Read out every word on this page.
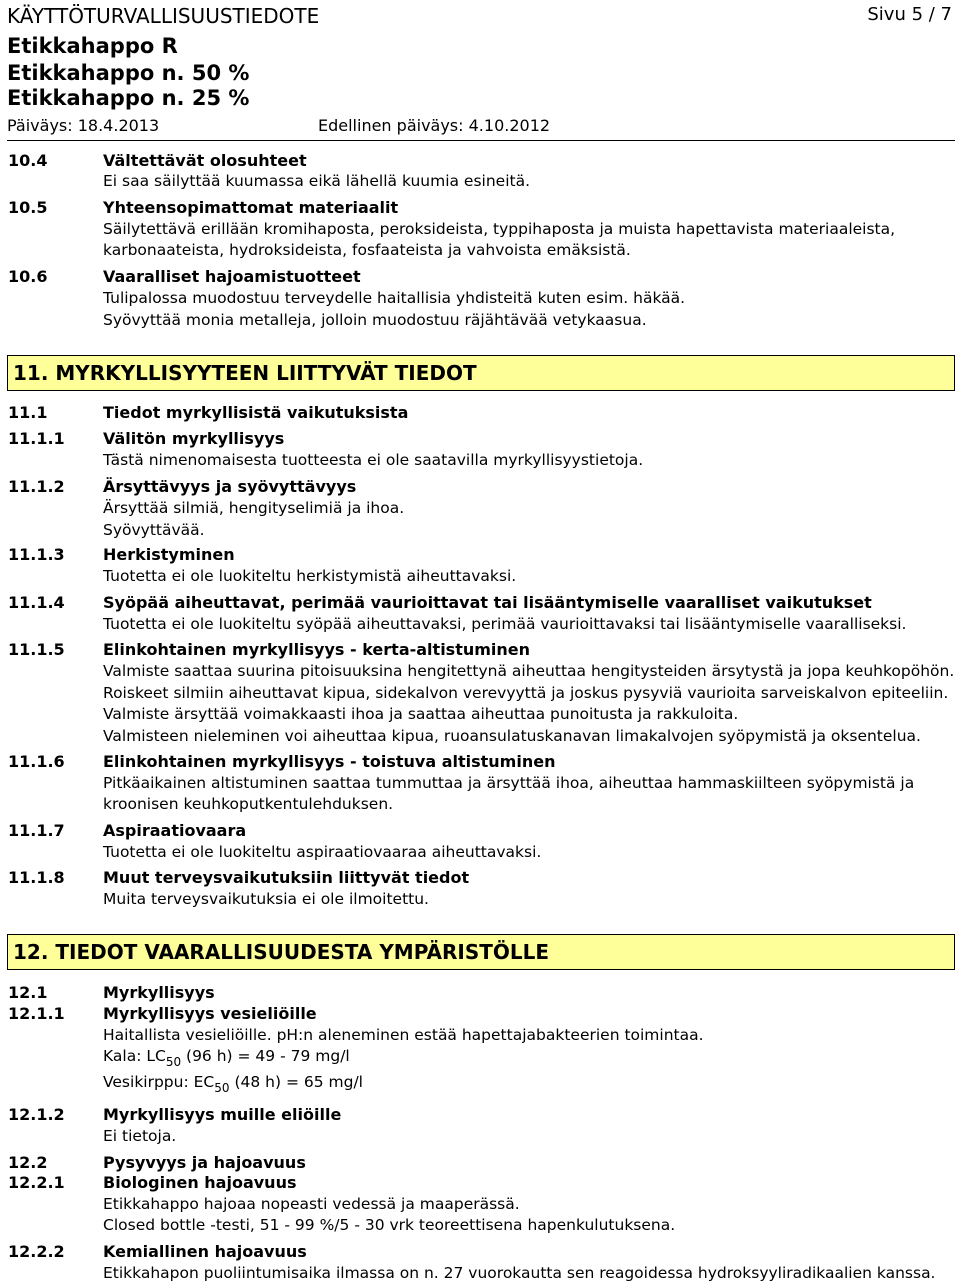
KÄYTTÖTURVALLISUUSTIEDOTE	Sivu 5 / 7
Etikkahappo R
Etikkahappo n. 50 %
Etikkahappo n. 25 %
Päiväys: 18.4.2013	Edellinen päiväys: 4.10.2012
10.4	Vältettävät olosuhteet
Ei saa säilyttää kuumassa eikä lähellä kuumia esineitä.
10.5	Yhteensopimattomat materiaalit
Säilytettävä erillään kromihaposta, peroksideista, typpihaposta ja muista hapettavista materiaaleista,
karbonaateista, hydroksideista, fosfaateista ja vahvoista emäksistä.
10.6	Vaaralliset hajoamistuotteet
Tulipalossa muodostuu terveydelle haitallisia yhdisteitä kuten esim. häkää.
Syövyttää monia metalleja, jolloin muodostuu räjähtävää vetykaasua.
11. MYRKYLLISYYTEEN LIITTYVÄT TIEDOT
11.1	Tiedot myrkyllisistä vaikutuksista
11.1.1 Välitön myrkyllisyys
Tästä nimenomaisesta tuotteesta ei ole saatavilla myrkyllisyystietoja.
11.1.2 Ärsyttävyys ja syövyttävyys
Ärsyttää silmiä, hengityselimiä ja ihoa.
Syövyttävää.
11.1.3 Herkistyminen
Tuotetta ei ole luokiteltu herkistymistä aiheuttavaksi.
11.1.4 Syöpää aiheuttavat, perimää vaurioittavat tai lisääntymiselle vaaralliset vaikutukset
Tuotetta ei ole luokiteltu syöpää aiheuttavaksi, perimää vaurioittavaksi tai lisääntymiselle vaaralliseksi.
11.1.5 Elinkohtainen myrkyllisyys - kerta-altistuminen
Valmiste saattaa suurina pitoisuuksina hengitettynä aiheuttaa hengitysteiden ärsytystä ja jopa keuhkopöhön.
Roiskeet silmiin aiheuttavat kipua, sidekalvon verevyyttä ja joskus pysyviä vaurioita sarveiskalvon epiteeliin.
Valmiste ärsyttää voimakkaasti ihoa ja saattaa aiheuttaa punoitusta ja rakkuloita.
Valmisteen nieleminen voi aiheuttaa kipua, ruoansulatuskanavan limakalvojen syöpymistä ja oksentelua.
11.1.6 Elinkohtainen myrkyllisyys - toistuva altistuminen
Pitkäaikainen altistuminen saattaa tummuttaa ja ärsyttää ihoa, aiheuttaa hammaskiilteen syöpymistä ja
kroonisen keuhkoputkentulehduksen.
11.1.7 Aspiraatiovaara
Tuotetta ei ole luokiteltu aspiraatiovaaraa aiheuttavaksi.
11.1.8 Muut terveysvaikutuksiin liittyvät tiedot
Muita terveysvaikutuksia ei ole ilmoitettu.
12. TIEDOT VAARALLISUUDESTA YMPÄRISTÖLLE
12.1	Myrkyllisyys
12.1.1 Myrkyllisyys vesieliöille
Haitallista vesieliöille. pH:n aleneminen estää hapettajabakteerien toimintaa.
Kala: $LC_{50}$ (96 h) = 49 - 79 mg/l
Vesikirppu: $EC_{50}$ (48 h) = 65 mg/l
12.1.2 Myrkyllisyys muille eliöille
Ei tietoja.
12.2	Pysyvyys ja hajoavuus
12.2.1 Biologinen hajoavuus
Etikkahappo hajoaa nopeasti vedessä ja maaperässä.
Closed bottle -testi, 51 - 99 %/5 - 30 vrk teoreettisena hapenkulutuksena.
12.2.2 Kemiallinen hajoavuus
Etikkahapon puoliintumisaika ilmassa on n. 27 vuorokautta sen reagoidessa hydroksyyliradikaalien kanssa.
